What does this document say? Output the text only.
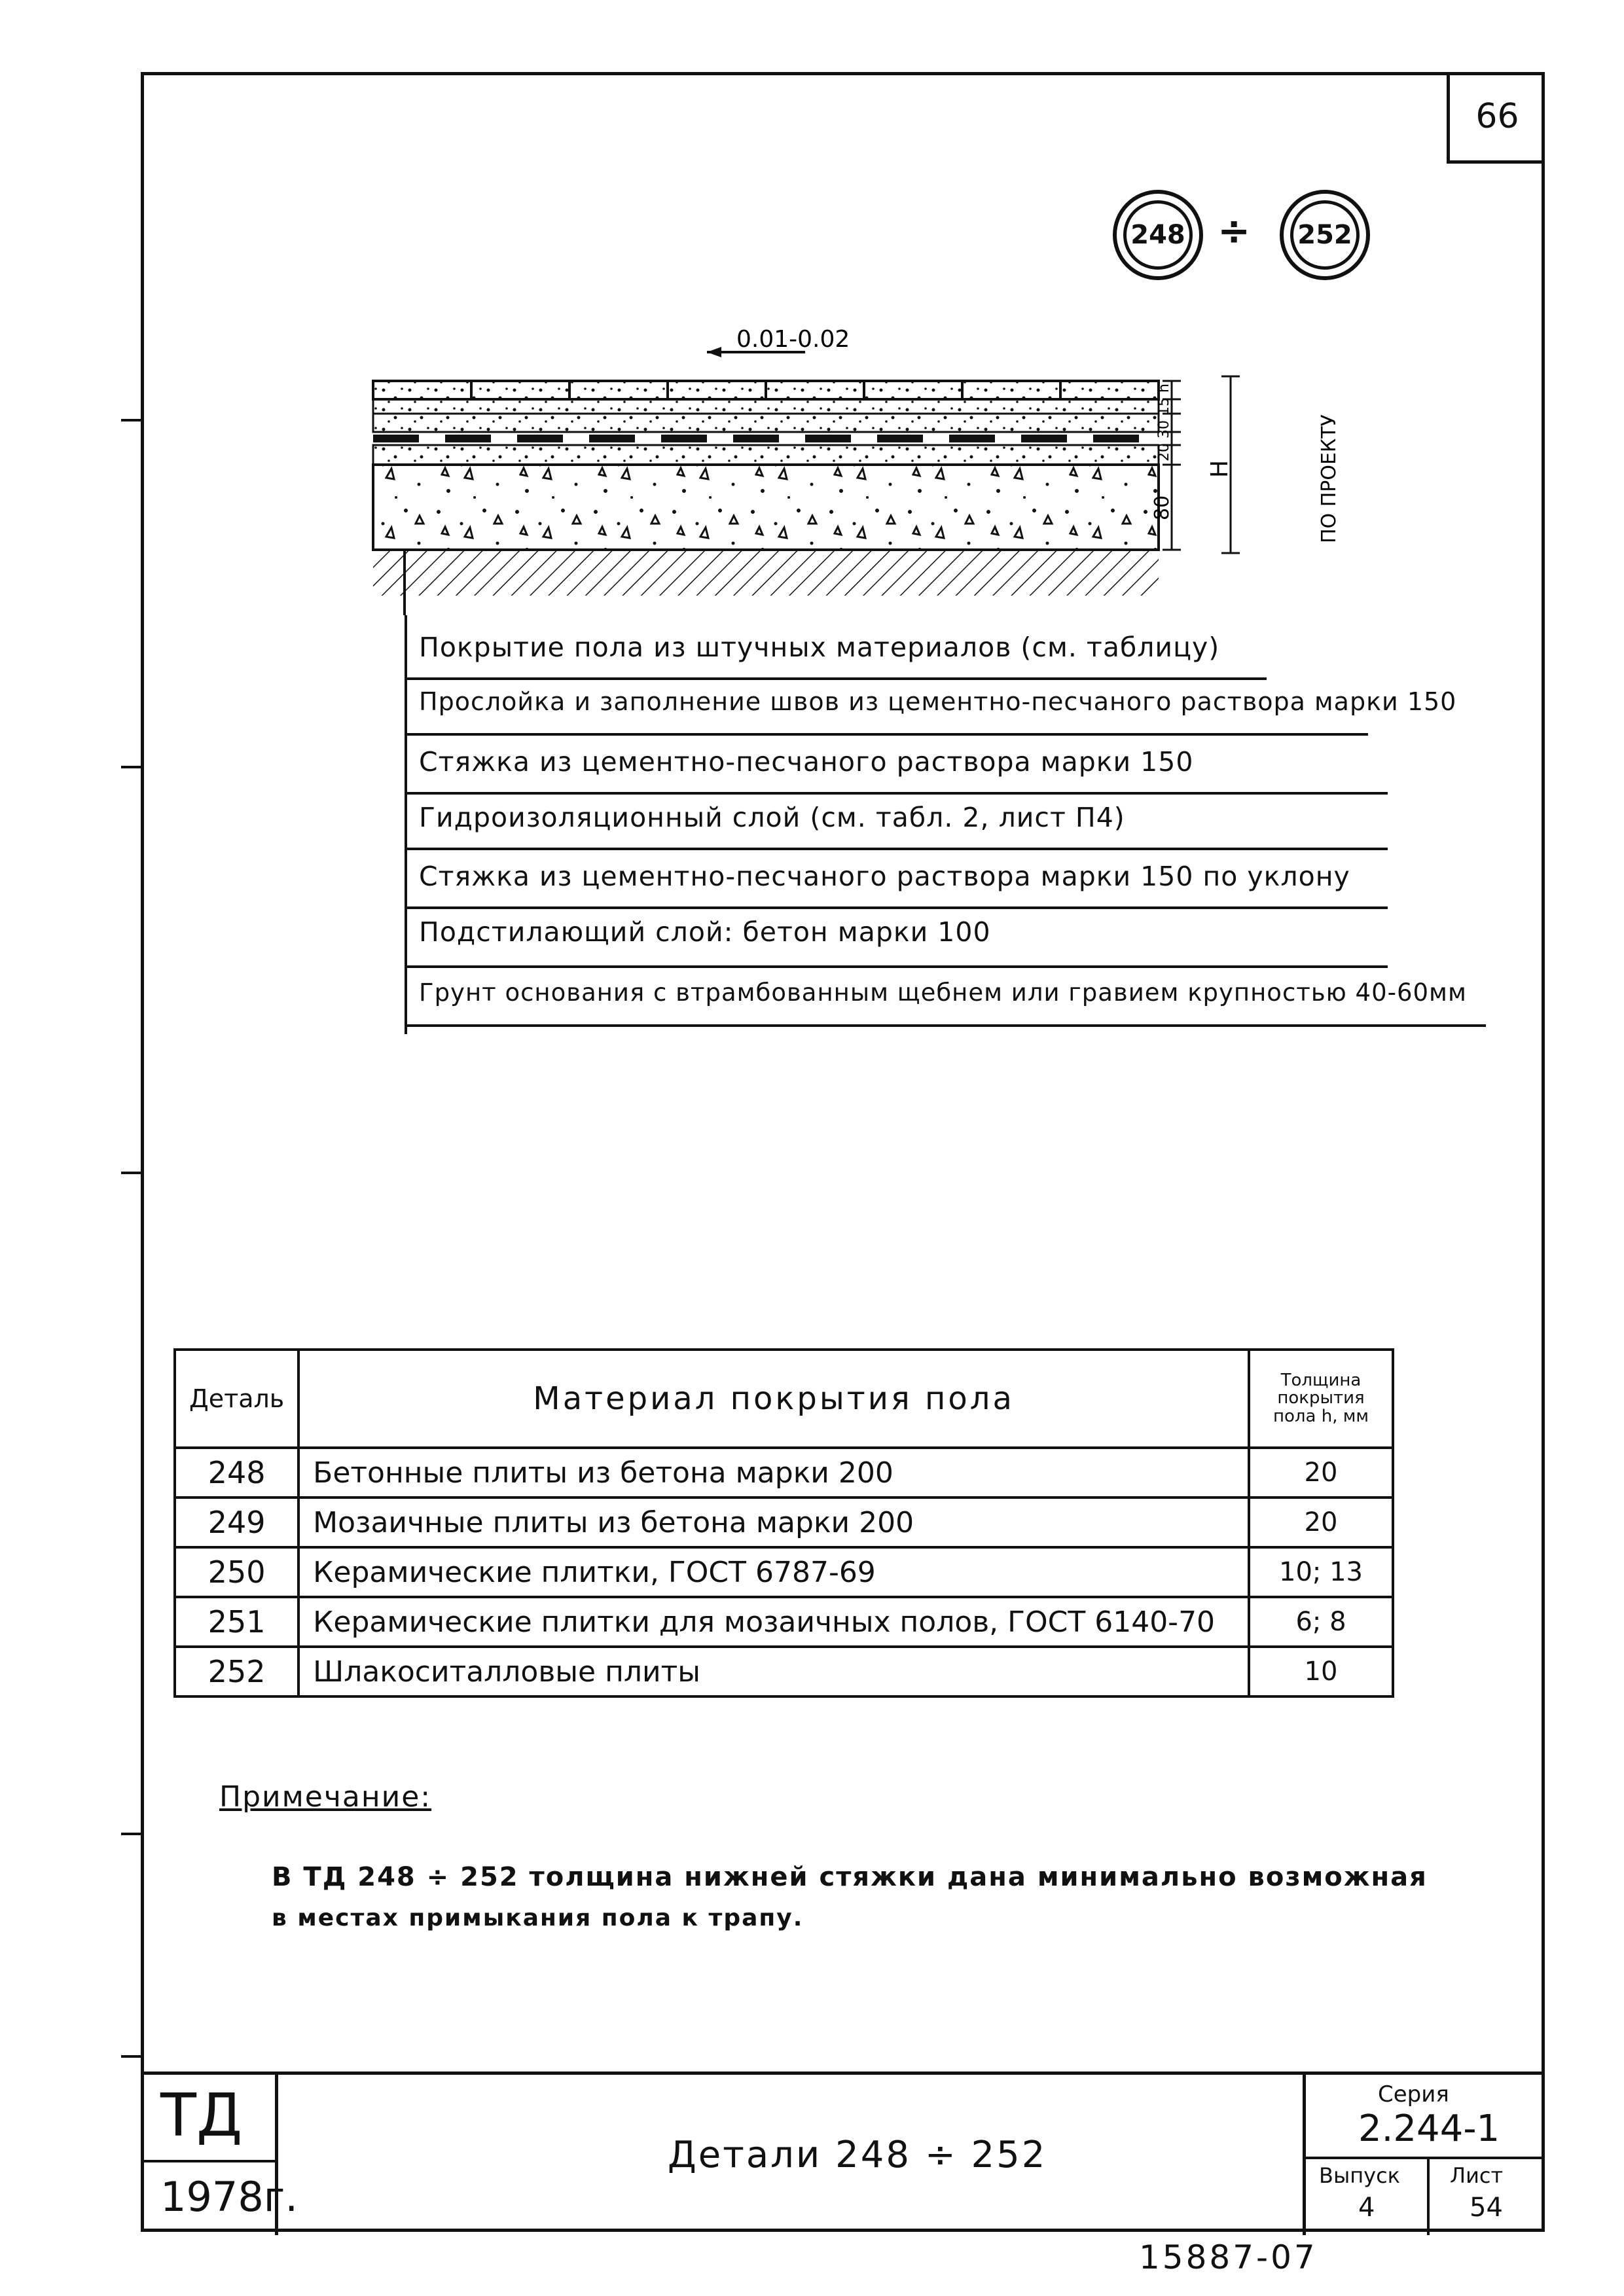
66
248 ÷ 252
0.01-0.02
20 30 15 h
80
H	ПО ПРОЕКТУ
Покрытие пола из штучных материалов (см. таблицу)
Прослойка и заполнение швов из цементно-песчаного раствора марки 150
Стяжка из цементно-песчаного раствора марки 150
Гидроизоляционный слой (см. табл. 2, лист П4)
Стяжка из цементно-песчаного раствора марки 150 по уклону
Подстилающий слой: бетон марки 100
Грунт основания с втрамбованным щебнем или гравием крупностью 40-60мм
Деталь	Материал покрытия пола	Толщина покрытия пола h, мм
248	Бетонные плиты из бетона марки 200	20
249	Мозаичные плиты из бетона марки 200	20
250	Керамические плитки, ГОСТ 6787-69	10; 13
251	Керамические плитки для мозаичных полов, ГОСТ 6140-70	6; 8
252	Шлакоситалловые плиты	10
Примечание:
В ТД 248 ÷ 252 толщина нижней стяжки дана минимально возможная
в местах примыкания пола к трапу.
ТД
1978г.
Детали 248 ÷ 252
Серия
2.244-1
Выпуск
4
Лист
54
15887-07
